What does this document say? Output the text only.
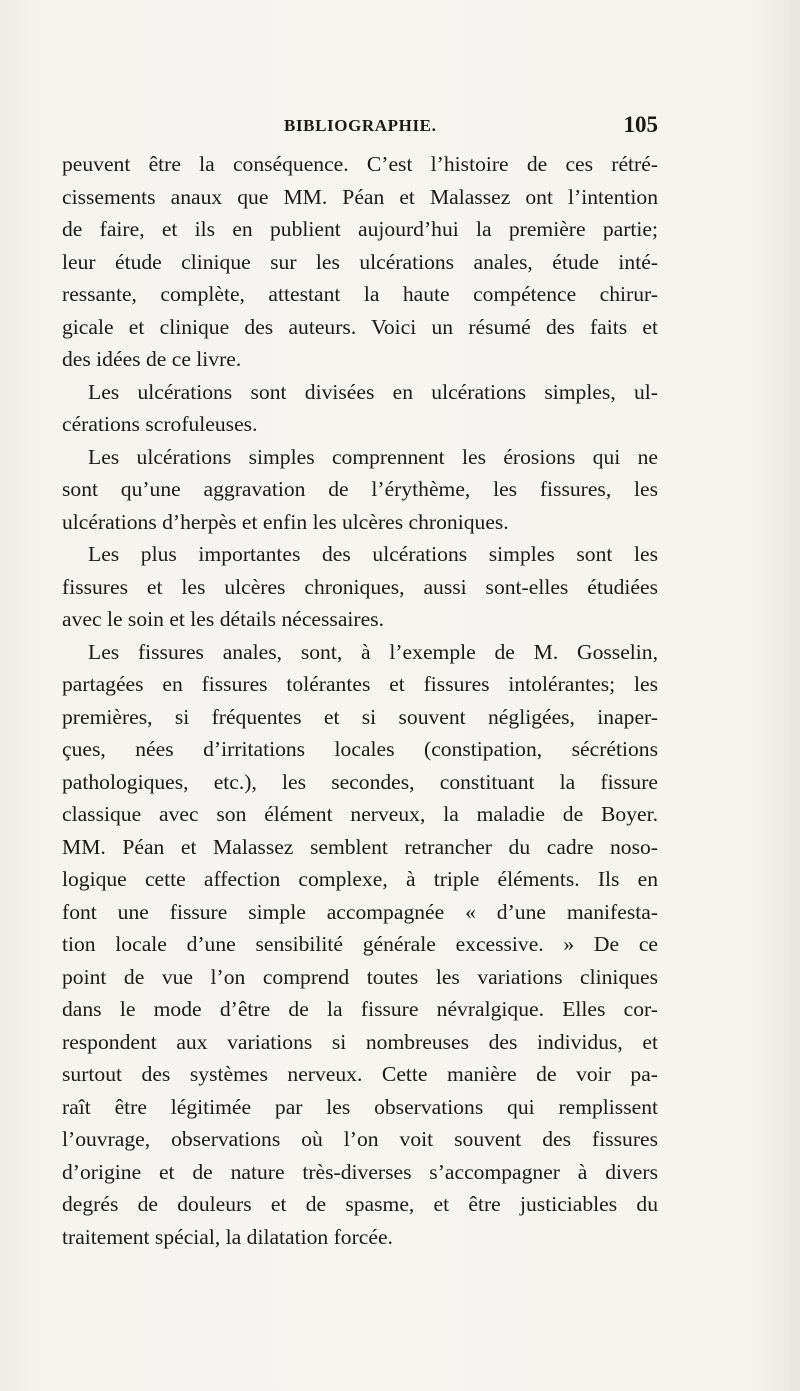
BIBLIOGRAPHIE.	105
peuvent être la conséquence. C’est l’histoire de ces rétré-
cissements anaux que MM. Péan et Malassez ont l’intention
de faire, et ils en publient aujourd’hui la première partie;
leur étude clinique sur les ulcérations anales, étude inté-
ressante, complète, attestant la haute compétence chirur-
gicale et clinique des auteurs. Voici un résumé des faits et
des idées de ce livre.
Les ulcérations sont divisées en ulcérations simples, ul-
cérations scrofuleuses.
Les ulcérations simples comprennent les érosions qui ne
sont qu’une aggravation de l’érythème, les fissures, les
ulcérations d’herpès et enfin les ulcères chroniques.
Les plus importantes des ulcérations simples sont les
fissures et les ulcères chroniques, aussi sont-elles étudiées
avec le soin et les détails nécessaires.
Les fissures anales, sont, à l’exemple de M. Gosselin,
partagées en fissures tolérantes et fissures intolérantes; les
premières, si fréquentes et si souvent négligées, inaper-
çues, nées d’irritations locales (constipation, sécrétions
pathologiques, etc.), les secondes, constituant la fissure
classique avec son élément nerveux, la maladie de Boyer.
MM. Péan et Malassez semblent retrancher du cadre noso-
logique cette affection complexe, à triple éléments. Ils en
font une fissure simple accompagnée « d’une manifesta-
tion locale d’une sensibilité générale excessive. » De ce
point de vue l’on comprend toutes les variations cliniques
dans le mode d’être de la fissure névralgique. Elles cor-
respondent aux variations si nombreuses des individus, et
surtout des systèmes nerveux. Cette manière de voir pa-
raît être légitimée par les observations qui remplissent
l’ouvrage, observations où l’on voit souvent des fissures
d’origine et de nature très-diverses s’accompagner à divers
degrés de douleurs et de spasme, et être justiciables du
traitement spécial, la dilatation forcée.
